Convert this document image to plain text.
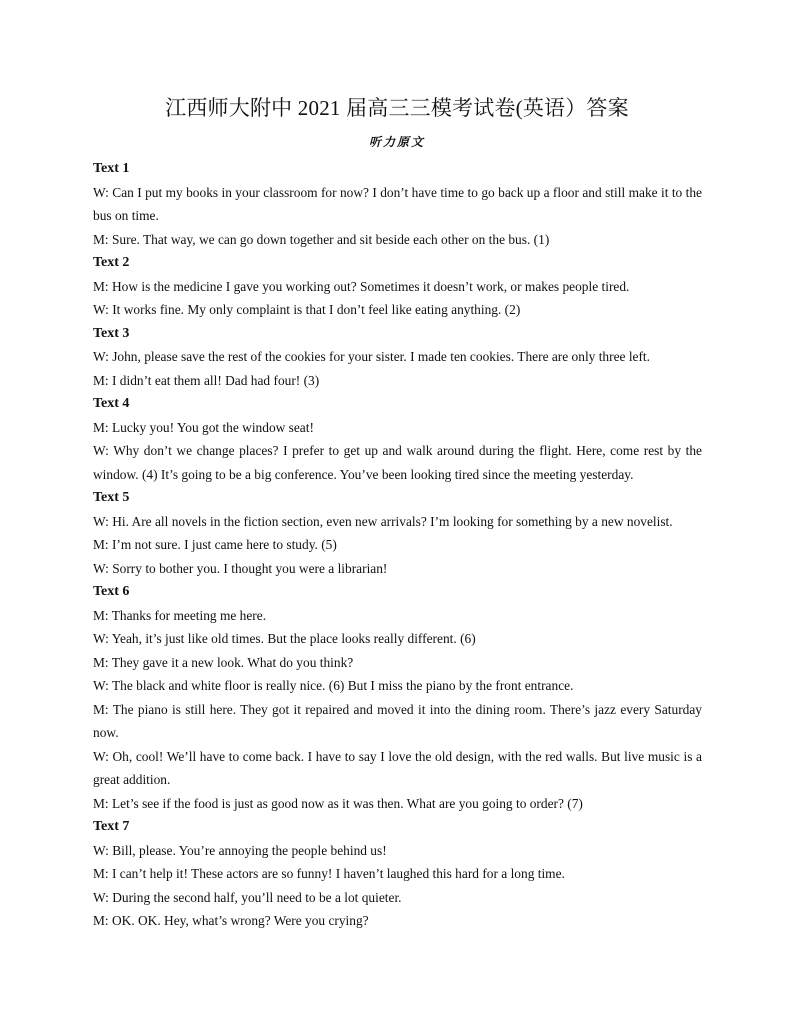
江西师大附中 2021 届高三三模考试卷(英语）答案
听力原文
Text 1
W: Can I put my books in your classroom for now? I don’t have time to go back up a floor and still make it to the bus on time.
M: Sure. That way, we can go down together and sit beside each other on the bus. (1)
Text 2
M: How is the medicine I gave you working out? Sometimes it doesn’t work, or makes people tired.
W: It works fine. My only complaint is that I don’t feel like eating anything. (2)
Text 3
W: John, please save the rest of the cookies for your sister. I made ten cookies. There are only three left.
M: I didn’t eat them all! Dad had four! (3)
Text 4
M: Lucky you! You got the window seat!
W: Why don’t we change places? I prefer to get up and walk around during the flight. Here, come rest by the window. (4) It’s going to be a big conference. You’ve been looking tired since the meeting yesterday.
Text 5
W: Hi. Are all novels in the fiction section, even new arrivals? I’m looking for something by a new novelist.
M: I’m not sure. I just came here to study. (5)
W: Sorry to bother you. I thought you were a librarian!
Text 6
M: Thanks for meeting me here.
W: Yeah, it’s just like old times. But the place looks really different. (6)
M: They gave it a new look. What do you think?
W: The black and white floor is really nice. (6) But I miss the piano by the front entrance.
M: The piano is still here. They got it repaired and moved it into the dining room. There’s jazz every Saturday now.
W: Oh, cool! We’ll have to come back. I have to say I love the old design, with the red walls. But live music is a great addition.
M: Let’s see if the food is just as good now as it was then. What are you going to order? (7)
Text 7
W: Bill, please. You’re annoying the people behind us!
M: I can’t help it! These actors are so funny! I haven’t laughed this hard for a long time.
W: During the second half, you’ll need to be a lot quieter.
M: OK. OK. Hey, what’s wrong? Were you crying?
